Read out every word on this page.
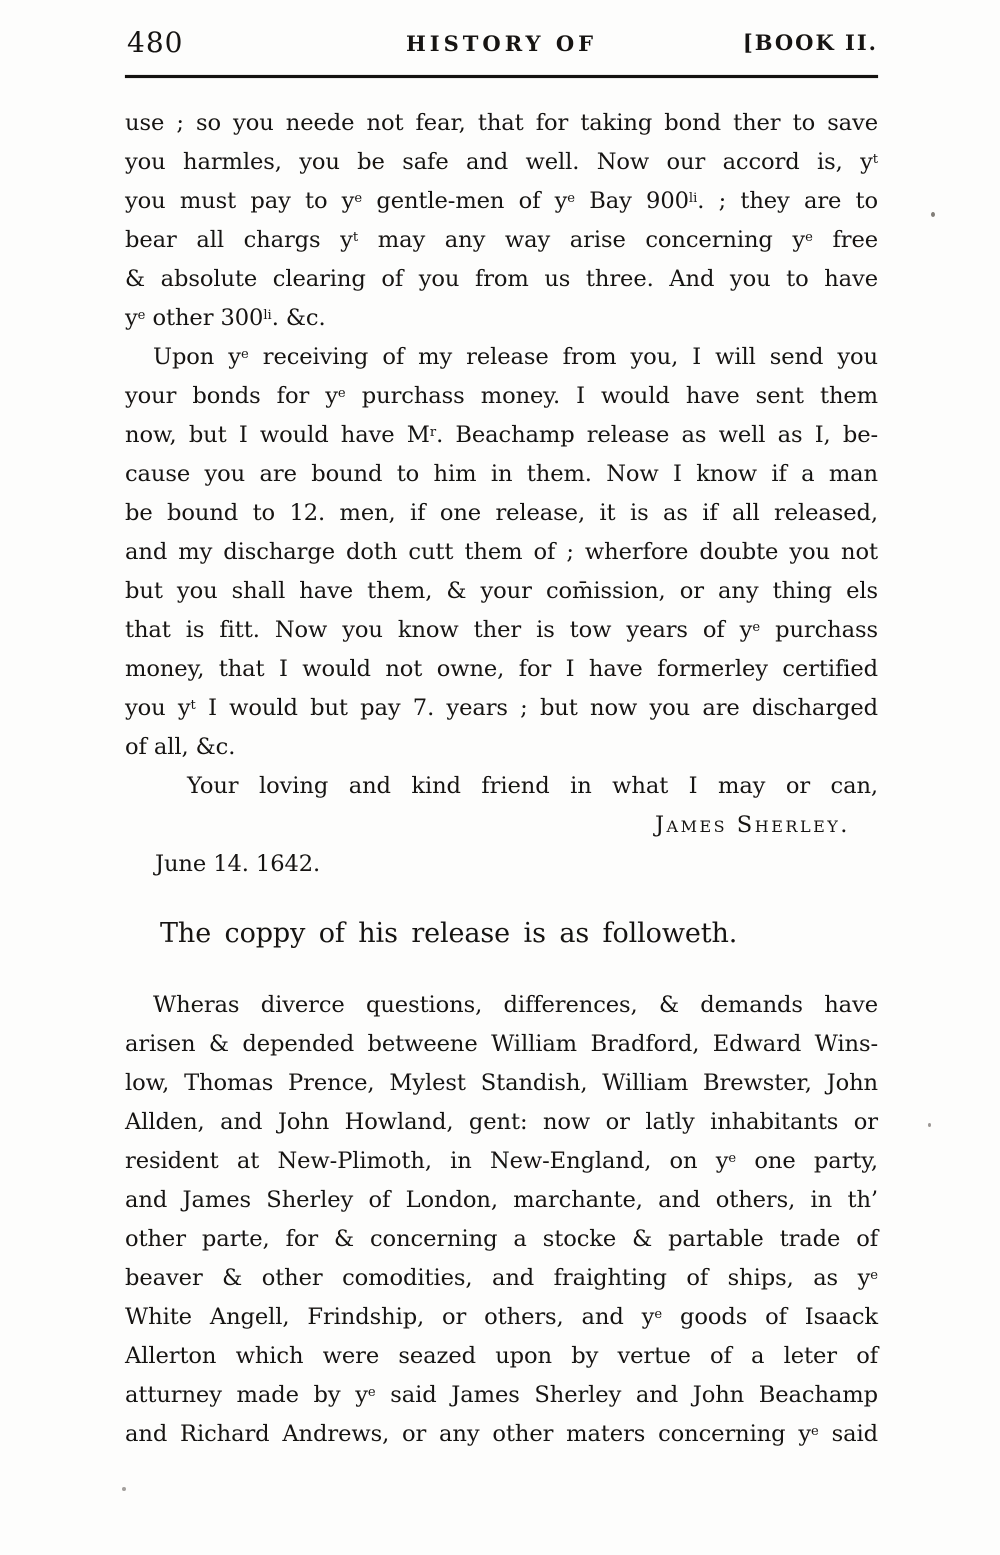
480	HISTORY OF	[BOOK II.
use ; so you neede not fear, that for taking bond ther to save
you harmles, you be safe and well. Now our accord is, $y^t$
you must pay to $y^e$ gentle-men of $y^e$ Bay $900^{li}$. ; they are to
bear all chargs $y^t$ may any way arise concerning $y^e$ free
& absolute clearing of you from us three. And you to have
$y^e$ other $300^{li}$. &c.
Upon $y^e$ receiving of my release from you, I will send you
your bonds for $y^e$ purchass money. I would have sent them
now, but I would have $M^r$. Beachamp release as well as I, be-
cause you are bound to him in them. Now I know if a man
be bound to 12. men, if one release, it is as if all released,
and my discharge doth cutt them of ; wherfore doubte you not
but you shall have them, & your com̄ission, or any thing els
that is fitt. Now you know ther is tow years of $y^e$ purchass
money, that I would not owne, for I have formerley certified
you $y^t$ I would but pay 7. years ; but now you are discharged
of all, &c.
Your loving and kind friend in what I may or can,
James Sherley.
June 14. 1642.
The coppy of his release is as followeth.
Wheras diverce questions, differences, & demands have
arisen & depended betweene William Bradford, Edward Wins-
low, Thomas Prence, Mylest Standish, William Brewster, John
Allden, and John Howland, gent: now or latly inhabitants or
resident at New-Plimoth, in New-England, on $y^e$ one party,
and James Sherley of London, marchante, and others, in th’
other parte, for & concerning a stocke & partable trade of
beaver & other comodities, and fraighting of ships, as $y^e$
White Angell, Frindship, or others, and $y^e$ goods of Isaack
Allerton which were seazed upon by vertue of a leter of
atturney made by $y^e$ said James Sherley and John Beachamp
and Richard Andrews, or any other maters concerning $y^e$ said
